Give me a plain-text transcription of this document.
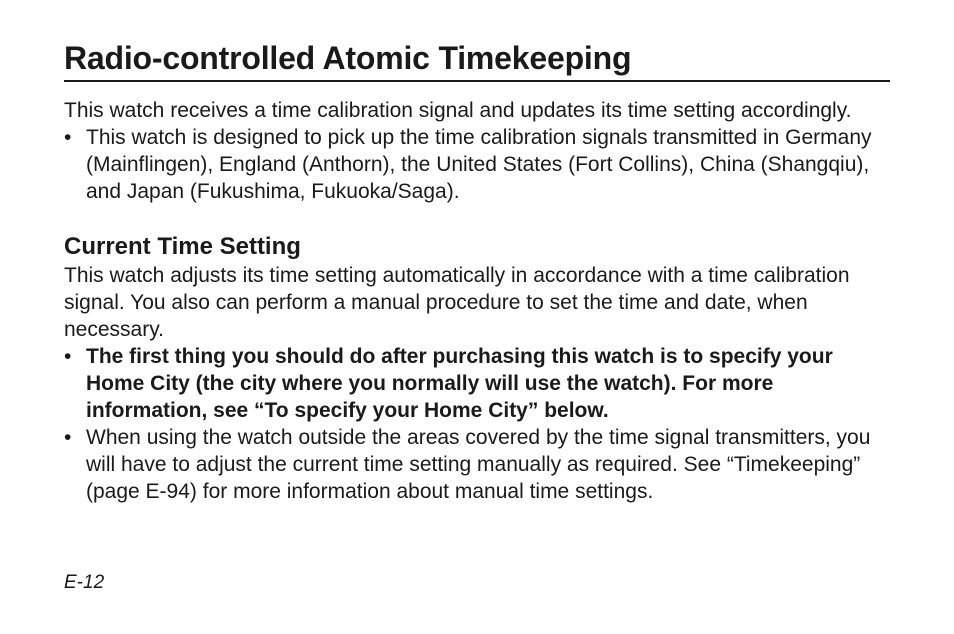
Radio-controlled Atomic Timekeeping

This watch receives a time calibration signal and updates its time setting accordingly.

• This watch is designed to pick up the time calibration signals transmitted in Germany (Mainflingen), England (Anthorn), the United States (Fort Collins), China (Shangqiu), and Japan (Fukushima, Fukuoka/Saga).
Current Time Setting

This watch adjusts its time setting automatically in accordance with a time calibration signal. You also can perform a manual procedure to set the time and date, when necessary.

• The first thing you should do after purchasing this watch is to specify your Home City (the city where you normally will use the watch). For more information, see “To specify your Home City” below.
• When using the watch outside the areas covered by the time signal transmitters, you will have to adjust the current time setting manually as required. See “Timekeeping” (page E-94) for more information about manual time settings.
E-12
